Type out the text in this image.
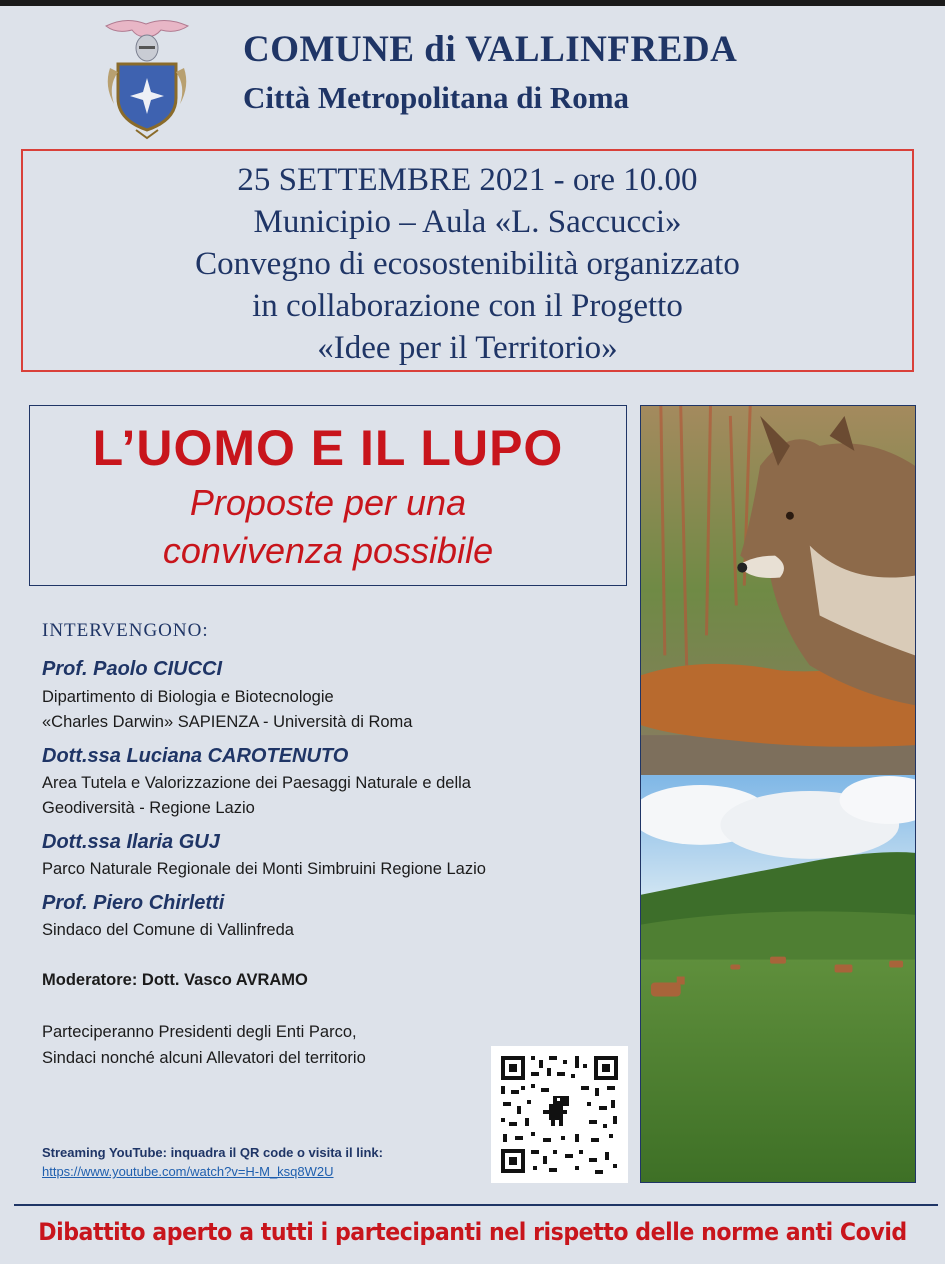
COMUNE di VALLINFREDA
Città Metropolitana di Roma
25 SETTEMBRE 2021 - ore 10.00
Municipio – Aula «L. Saccucci»
Convegno di ecosostenibilità organizzato
in collaborazione con il Progetto
«Idee per il Territorio»
L’UOMO E IL LUPO
Proposte per una
convivenza possibile
INTERVENGONO:
Prof. Paolo CIUCCI
Dipartimento di Biologia e Biotecnologie
«Charles Darwin» SAPIENZA - Università di Roma
Dott.ssa Luciana CAROTENUTO
Area Tutela e Valorizzazione dei Paesaggi Naturale e della
Geodiversità - Regione Lazio
Dott.ssa Ilaria GUJ
Parco Naturale Regionale dei Monti Simbruini Regione Lazio
Prof. Piero Chirletti
Sindaco del Comune di Vallinfreda
Moderatore: Dott. Vasco AVRAMO
Parteciperanno Presidenti degli Enti Parco,
Sindaci nonché alcuni Allevatori del territorio
Streaming YouTube: inquadra il QR code o visita il link:
https://www.youtube.com/watch?v=H-M_ksq8W2U
Dibattito aperto a tutti i partecipanti nel rispetto delle norme anti Covid
